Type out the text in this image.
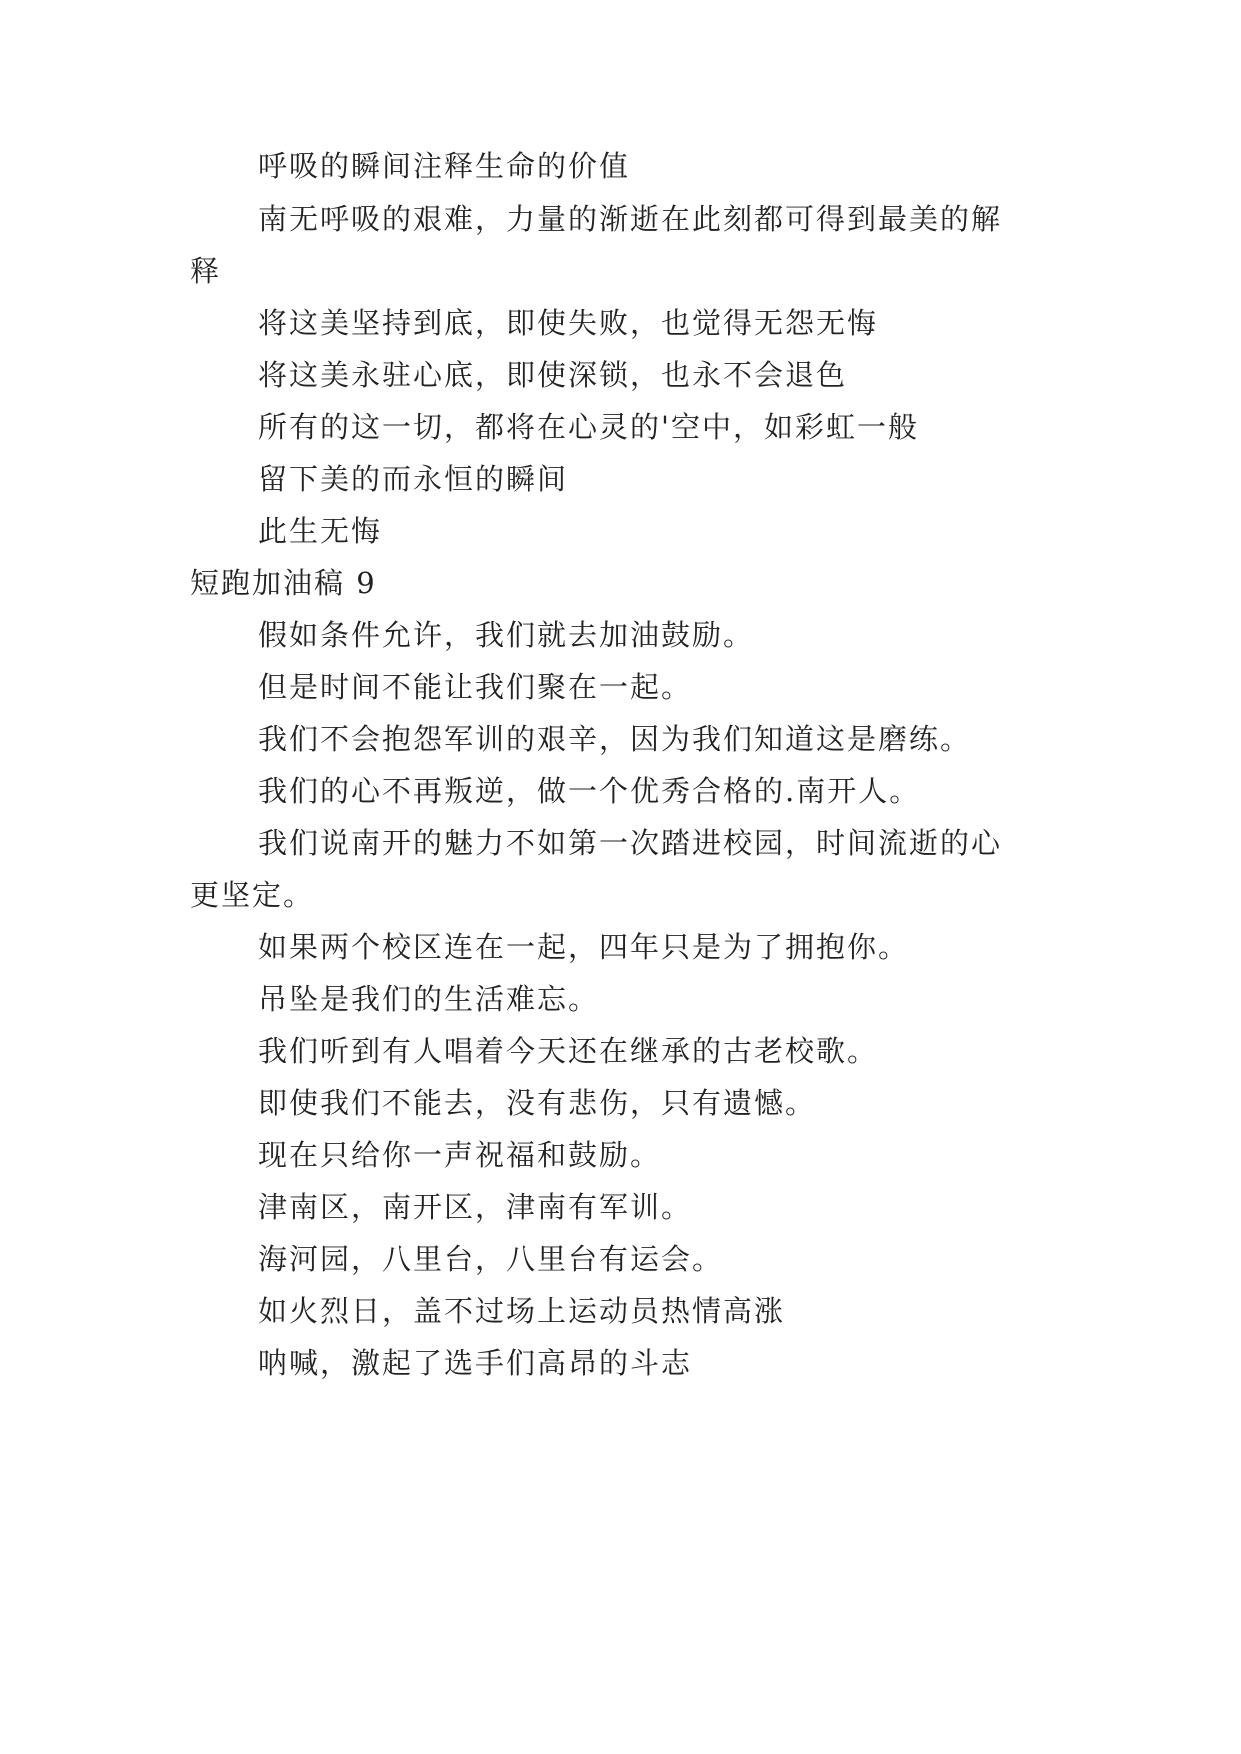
呼吸的瞬间注释生命的价值
南无呼吸的艰难，力量的渐逝在此刻都可得到最美的解
释
将这美坚持到底，即使失败，也觉得无怨无悔
将这美永驻心底，即使深锁，也永不会退色
所有的这一切，都将在心灵的'空中，如彩虹一般
留下美的而永恒的瞬间
此生无悔
短跑加油稿 9
假如条件允许，我们就去加油鼓励。
但是时间不能让我们聚在一起。
我们不会抱怨军训的艰辛，因为我们知道这是磨练。
我们的心不再叛逆，做一个优秀合格的.南开人。
我们说南开的魅力不如第一次踏进校园，时间流逝的心
更坚定。
如果两个校区连在一起，四年只是为了拥抱你。
吊坠是我们的生活难忘。
我们听到有人唱着今天还在继承的古老校歌。
即使我们不能去，没有悲伤，只有遗憾。
现在只给你一声祝福和鼓励。
津南区，南开区，津南有军训。
海河园，八里台，八里台有运会。
如火烈日，盖不过场上运动员热情高涨
呐喊，激起了选手们高昂的斗志
